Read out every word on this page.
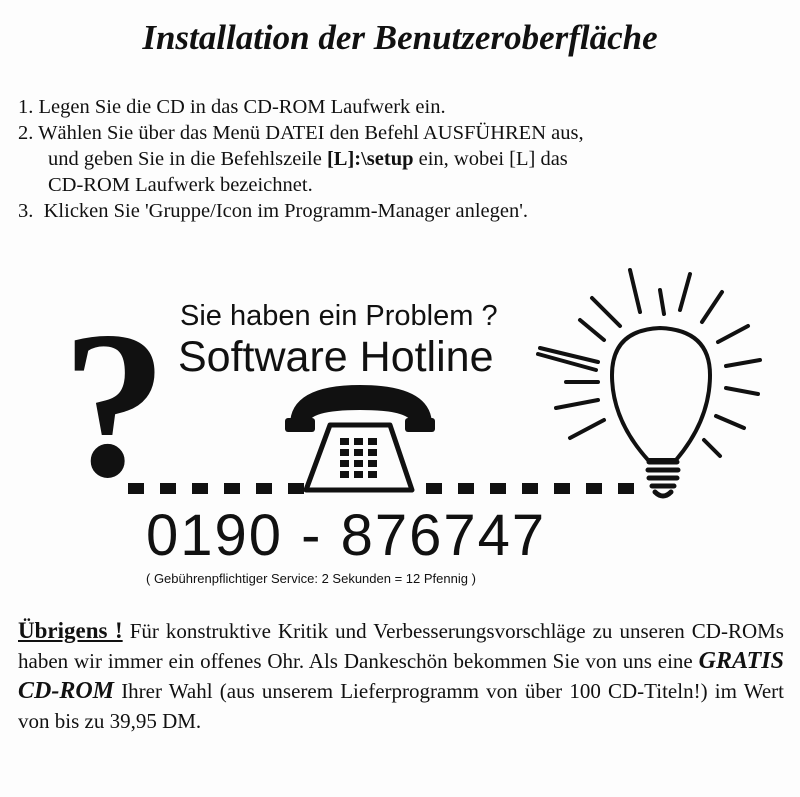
Installation der Benutzeroberfläche
1. Legen Sie die CD in das CD-ROM Laufwerk ein.
2. Wählen Sie über das Menü DATEI den Befehl AUSFÜHREN aus,
und geben Sie in die Befehlszeile [L]:\setup ein, wobei [L] das
CD-ROM Laufwerk bezeichnet.
3. Klicken Sie 'Gruppe/Icon im Programm-Manager anlegen'.
? Sie haben ein Problem ?
Software Hotline
0190 - 876747
( Gebührenpflichtiger Service: 2 Sekunden = 12 Pfennig )
Übrigens ! Für konstruktive Kritik und Verbesserungsvorschläge zu unseren CD-ROMs haben wir immer ein offenes Ohr. Als Dankeschön bekommen Sie von uns eine GRATIS CD-ROM Ihrer Wahl (aus unserem Lieferprogramm von über 100 CD-Titeln!) im Wert von bis zu 39,95 DM.
